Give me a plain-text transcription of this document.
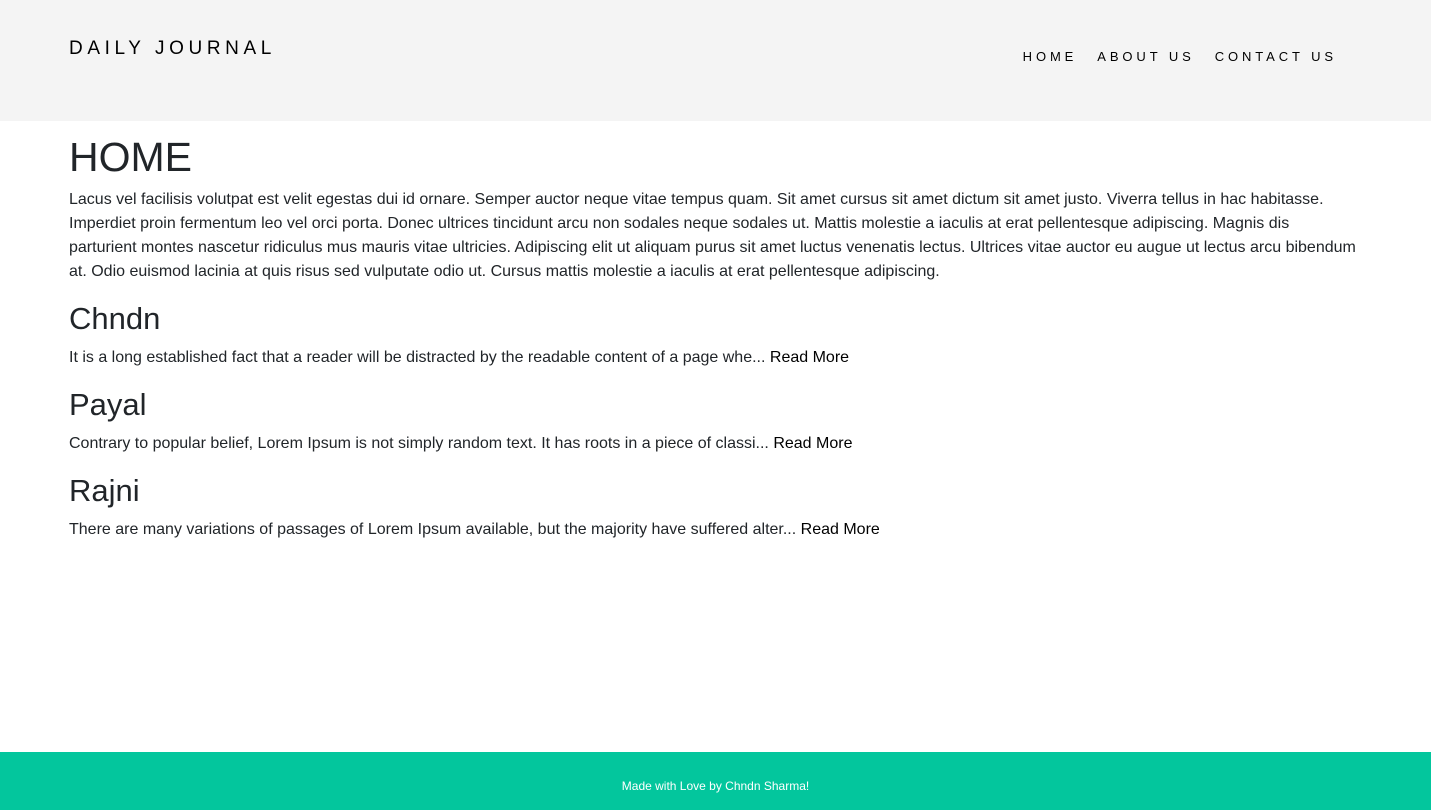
DAILY JOURNAL	HOME ABOUT US CONTACT US
HOME

Lacus vel facilisis volutpat est velit egestas dui id ornare. Semper auctor neque vitae tempus quam. Sit amet cursus sit amet dictum sit amet justo. Viverra tellus in hac habitasse. Imperdiet proin fermentum leo vel orci porta. Donec ultrices tincidunt arcu non sodales neque sodales ut. Mattis molestie a iaculis at erat pellentesque adipiscing. Magnis dis parturient montes nascetur ridiculus mus mauris vitae ultricies. Adipiscing elit ut aliquam purus sit amet luctus venenatis lectus. Ultrices vitae auctor eu augue ut lectus arcu bibendum at. Odio euismod lacinia at quis risus sed vulputate odio ut. Cursus mattis molestie a iaculis at erat pellentesque adipiscing.

Chndn

It is a long established fact that a reader will be distracted by the readable content of a page whe... Read More

Payal

Contrary to popular belief, Lorem Ipsum is not simply random text. It has roots in a piece of classi... Read More

Rajni

There are many variations of passages of Lorem Ipsum available, but the majority have suffered alter... Read More

Made with Love by Chndn Sharma!
